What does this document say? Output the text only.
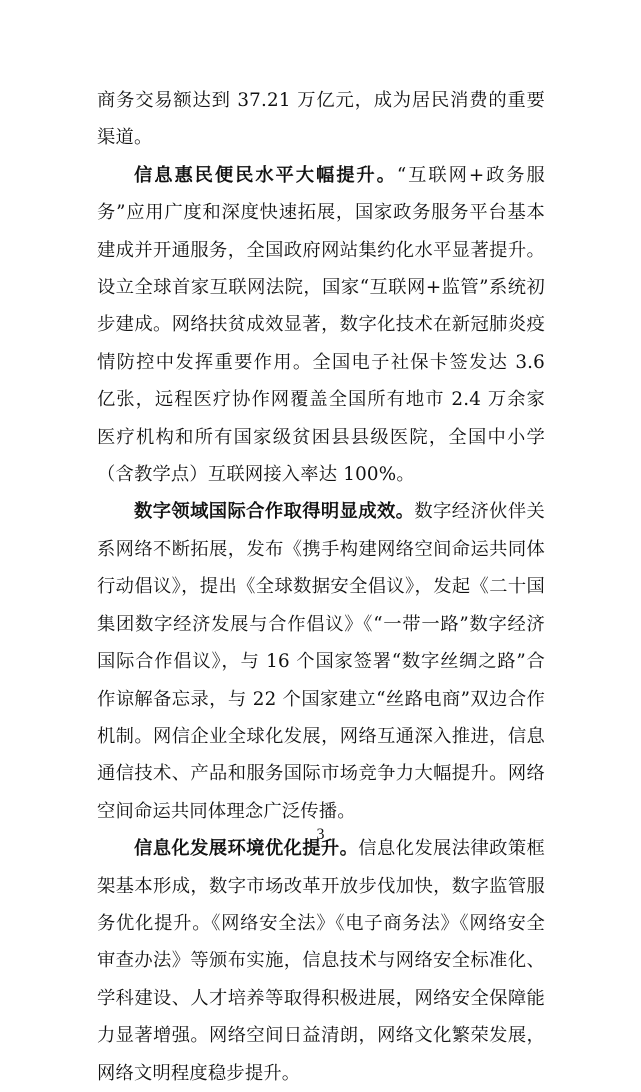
商务交易额达到 37.21 万亿元，成为居民消费的重要渠道。

信息惠民便民水平大幅提升。“互联网+政务服务”应用广度和深度快速拓展，国家政务服务平台基本建成并开通服务，全国政府网站集约化水平显著提升。设立全球首家互联网法院，国家“互联网+监管”系统初步建成。网络扶贫成效显著，数字化技术在新冠肺炎疫情防控中发挥重要作用。全国电子社保卡签发达 3.6 亿张，远程医疗协作网覆盖全国所有地市 2.4 万余家医疗机构和所有国家级贫困县县级医院，全国中小学（含教学点）互联网接入率达 100%。

数字领域国际合作取得明显成效。数字经济伙伴关系网络不断拓展，发布《携手构建网络空间命运共同体行动倡议》，提出《全球数据安全倡议》，发起《二十国集团数字经济发展与合作倡议》《“一带一路”数字经济国际合作倡议》，与 16 个国家签署“数字丝绸之路”合作谅解备忘录，与 22 个国家建立“丝路电商”双边合作机制。网信企业全球化发展，网络互通深入推进，信息通信技术、产品和服务国际市场竞争力大幅提升。网络空间命运共同体理念广泛传播。

信息化发展环境优化提升。信息化发展法律政策框架基本形成，数字市场改革开放步伐加快，数字监管服务优化提升。《网络安全法》《电子商务法》《网络安全审查办法》等颁布实施，信息技术与网络安全标准化、学科建设、人才培养等取得积极进展，网络安全保障能力显著增强。网络空间日益清朗，网络文化繁荣发展，网络文明程度稳步提升。

3
